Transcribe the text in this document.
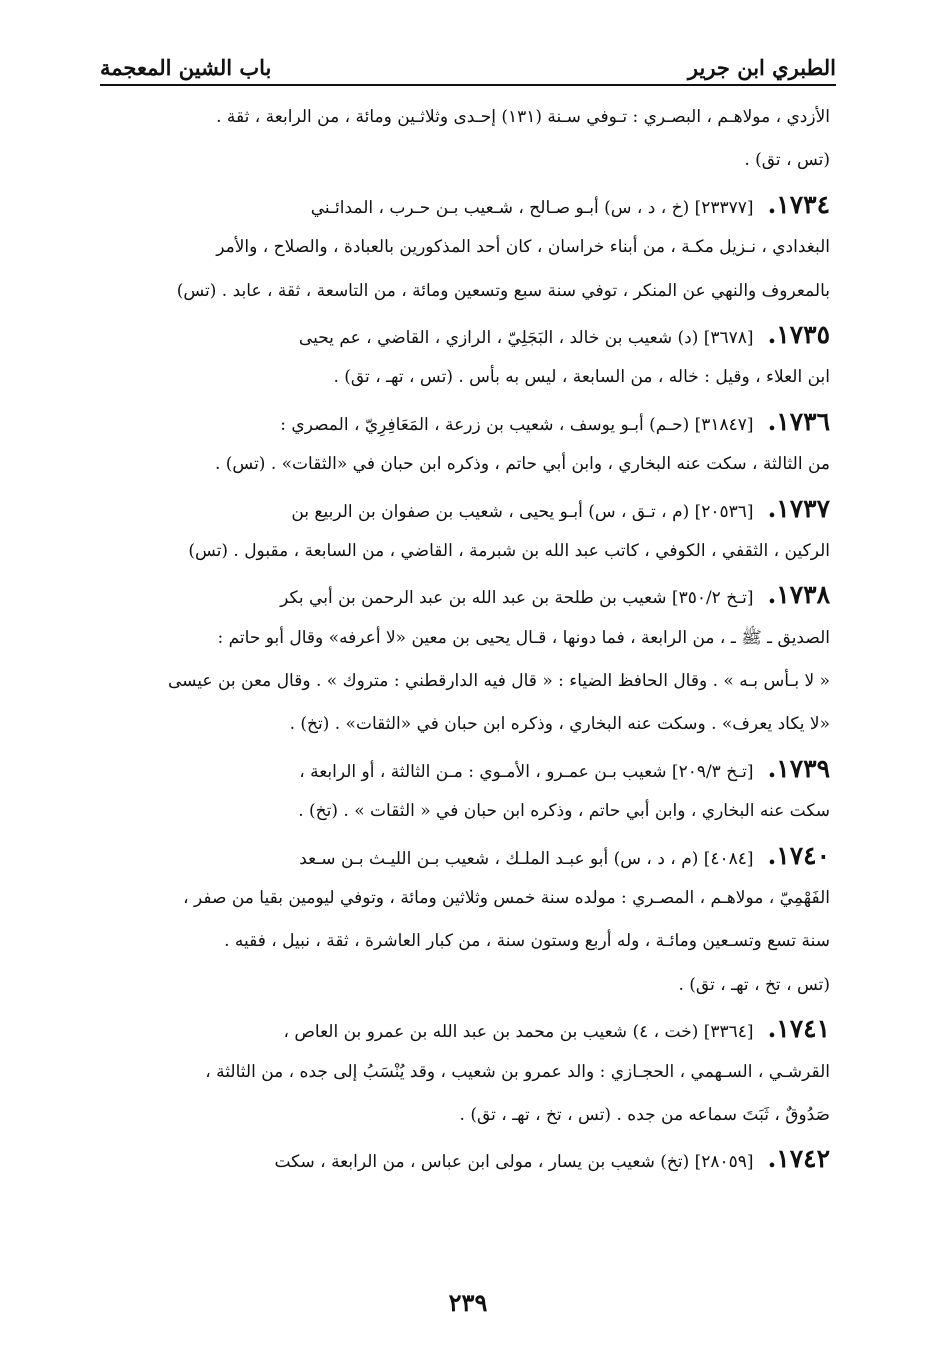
الطبري ابن جرير
باب الشين المعجمة
الأزدي ، مولاهـم ، البصـري : تـوفي سـنة (١٣١) إحـدى وثلاثـين ومائة ، من الرابعة ، ثقة .
(تس ، تق) .
١٧٣٤.[٢٣٣٧٧] (خ ، د ، س) أبـو صـالح ، شـعيب بـن حـرب ، المدائـني
البغدادي ، نـزيل مكـة ، من أبناء خراسان ، كان أحد المذكورين بالعبادة ، والصلاح ، والأمر
بالمعروف والنهي عن المنكر ، توفي سنة سبع وتسعين ومائة ، من التاسعة ، ثقة ، عابد . (تس)
١٧٣٥.[٣٦٧٨] (د) شعيب بن خالد ، البَجَلِيّ ، الرازي ، القاضي ، عم يحيى
ابن العلاء ، وقيل : خاله ، من السابعة ، ليس به بأس . (تس ، تهـ ، تق) .
١٧٣٦.[٣١٨٤٧] (حـم) أبـو يوسف ، شعيب بن زرعة ، المَعَافِرِيّ ، المصري :
من الثالثة ، سكت عنه البخاري ، وابن أبي حاتم ، وذكره ابن حبان في «الثقات» . (تس) .
١٧٣٧.[٢٠٥٣٦] (م ، تـق ، س) أبـو يحيى ، شعيب بن صفوان بن الربيع بن
الركين ، الثقفي ، الكوفي ، كاتب عبد الله بن شبرمة ، القاضي ، من السابعة ، مقبول . (تس)
١٧٣٨.[تـخ ٣٥٠/٢] شعيب بن طلحة بن عبد الله بن عبد الرحمن بن أبي بكر
الصديق ـ ﷺ ـ ، من الرابعة ، فما دونها ، قـال يحيى بن معين «لا أعرفه» وقال أبو حاتم :
« لا بـأس بـه » . وقال الحافظ الضياء : « قال فيه الدارقطني : متروك » . وقال معن بن عيسى
«لا يكاد يعرف» . وسكت عنه البخاري ، وذكره ابن حبان في «الثقات» . (تخ) .
١٧٣٩.[تـخ ٢٠٩/٣] شعيب بـن عمـرو ، الأمـوي : مـن الثالثة ، أو الرابعة ،
سكت عنه البخاري ، وابن أبي حاتم ، وذكره ابن حبان في « الثقات » . (تخ) .
١٧٤٠.[٤٠٨٤] (م ، د ، س) أبو عبـد الملـك ، شعيب بـن الليـث بـن سـعد
الفَهْمِيّ ، مولاهـم ، المصـري : مولده سنة خمس وثلاثين ومائة ، وتوفي ليومين بقيا من صفر ،
سنة تسع وتسـعين ومائـة ، وله أربع وستون سنة ، من كبار العاشرة ، ثقة ، نبيل ، فقيه .
(تس ، تخ ، تهـ ، تق) .
١٧٤١.[٣٣٦٤] (خت ، ٤) شعيب بن محمد بن عبد الله بن عمرو بن العاص ،
القرشـي ، السـهمي ، الحجـازي : والد عمرو بن شعيب ، وقد يُنْسَبُ إلى جده ، من الثالثة ،
صَدُوقٌ ، ثَبَتَ سماعه من جده . (تس ، تخ ، تهـ ، تق) .
١٧٤٢.[٢٨٠٥٩] (تخ) شعيب بن يسار ، مولى ابن عباس ، من الرابعة ، سكت
٢٣٩
